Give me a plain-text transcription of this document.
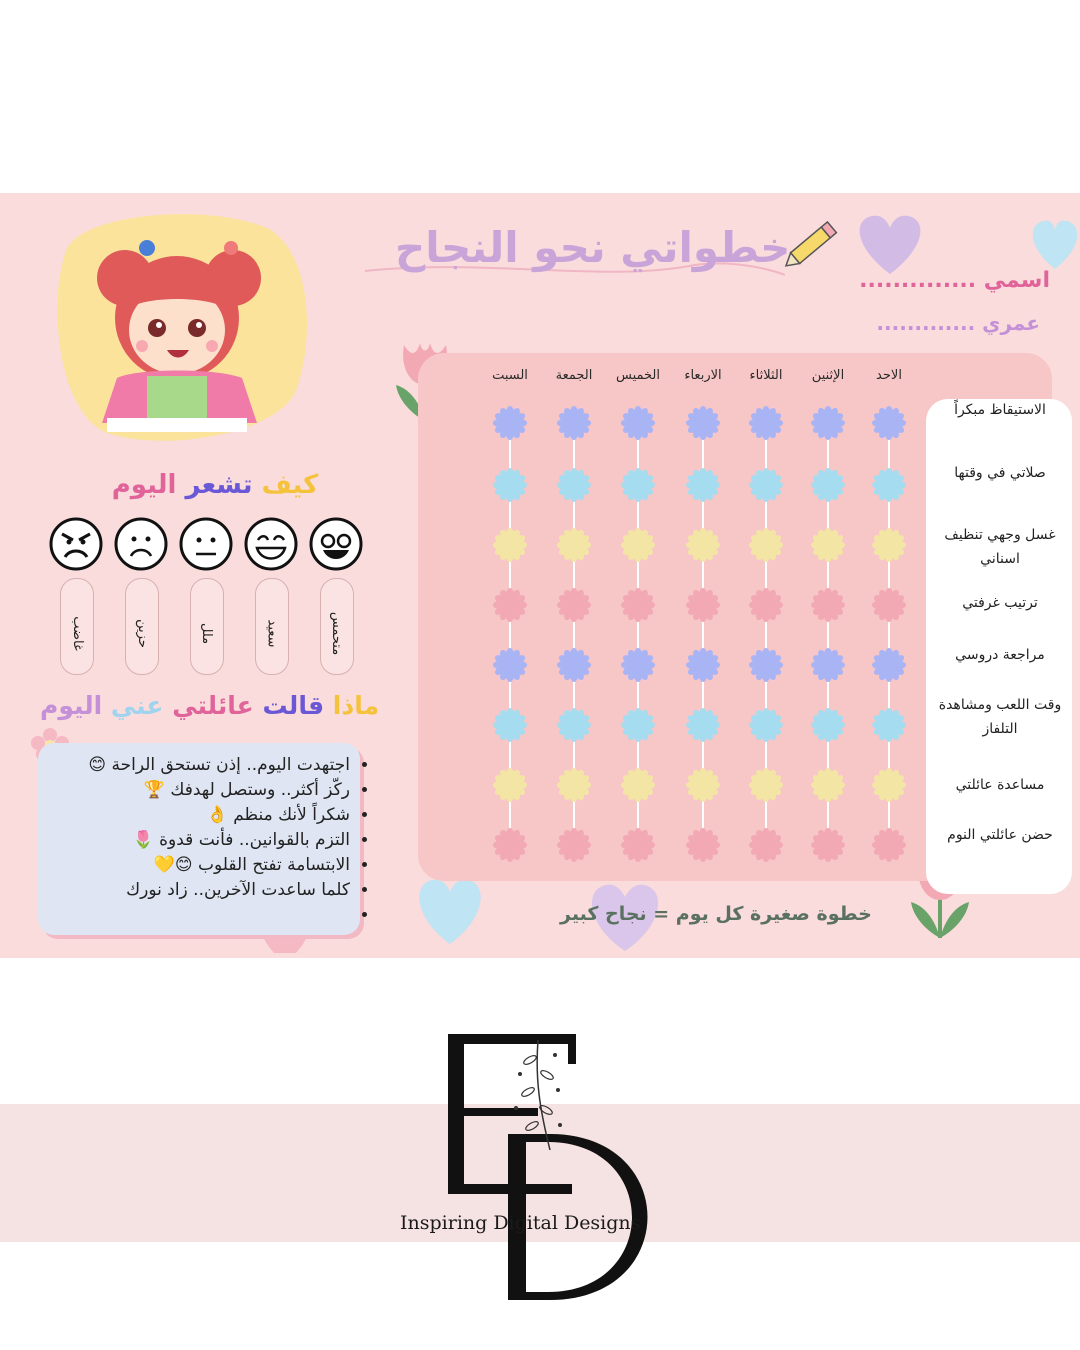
خطواتي نحو النجاح
اسمي ..............
عمري .............
الاحد
الإثنين
الثلاثاء
الاربعاء
الخميس
الجمعة
السبت
الاستيقاظ مبكراً
صلاتي في وقتها
غسل وجهي تنظيف اسناني
ترتيب غرفتي
مراجعة دروسي
وقت اللعب ومشاهدة التلفاز
مساعدة عائلتي
حضن عائلتي النوم
خطوة صغيرة كل يوم = نجاح كبير
كيف تشعر اليوم
متحمس
سعيد
ملل
حزين
غاضب
ماذا قالت عائلتي عني اليوم
• اجتهدت اليوم.. إذن تستحق الراحة 😊
• ركّز أكثر.. وستصل لهدفك 🏆
• شكراً لأنك منظم 👌
• التزم بالقوانين.. فأنت قدوة 🌷
• الابتسامة تفتح القلوب 😊💛
• كلما ساعدت الآخرين.. زاد نورك
•
Inspiring Digital Designs
